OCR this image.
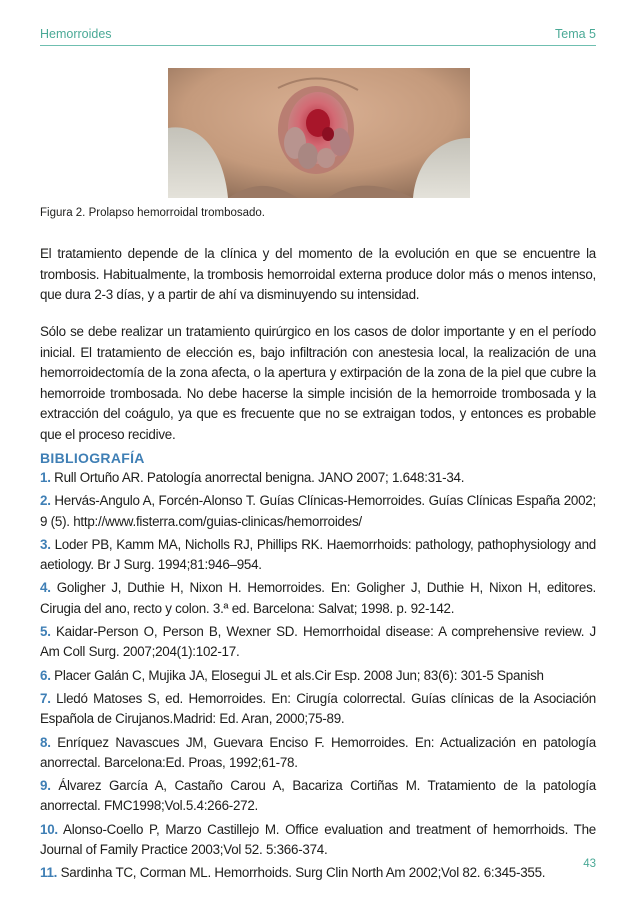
Hemorroides	Tema 5
Figura 2. Prolapso hemorroidal trombosado.

El tratamiento depende de la clínica y del momento de la evolución en que se encuentre la trombosis. Habitualmente, la trombosis hemorroidal externa produce dolor más o menos intenso, que dura 2-3 días, y a partir de ahí va disminuyendo su intensidad.

Sólo se debe realizar un tratamiento quirúrgico en los casos de dolor importante y en el período inicial. El tratamiento de elección es, bajo infiltración con anestesia local, la realización de una hemorroidectomía de la zona afecta, o la apertura y extirpación de la zona de la piel que cubre la hemorroide trombosada. No debe hacerse la simple incisión de la hemorroide trombosada y la extracción del coágulo, ya que es frecuente que no se extraigan todos, y entonces es probable que el proceso recidive.

BIBLIOGRAFÍA

1. Rull Ortuño AR. Patología anorrectal benigna. JANO 2007; 1.648:31-34.

2. Hervás-Angulo A, Forcén-Alonso T. Guías Clínicas-Hemorroides. Guías Clínicas España 2002; 9 (5). http://www.fisterra.com/guias-clinicas/hemorroides/

3. Loder PB, Kamm MA, Nicholls RJ, Phillips RK. Haemorrhoids: pathology, pathophysiology and aetiology. Br J Surg. 1994;81:946–954.

4. Goligher J, Duthie H, Nixon H. Hemorroides. En: Goligher J, Duthie H, Nixon H, editores. Cirugia del ano, recto y colon. 3.ª ed. Barcelona: Salvat; 1998. p. 92-142.

5. Kaidar-Person O, Person B, Wexner SD. Hemorrhoidal disease: A comprehensive review. J Am Coll Surg. 2007;204(1):102-17.

6. Placer Galán C, Mujika JA, Elosegui JL et als.Cir Esp. 2008 Jun; 83(6): 301-5 Spanish

7. Lledó Matoses S, ed. Hemorroides. En: Cirugía colorrectal. Guías clínicas de la Asociación Española de Cirujanos.Madrid: Ed. Aran, 2000;75-89.

8. Enríquez Navascues JM, Guevara Enciso F. Hemorroides. En: Actualización en patología anorrectal. Barcelona:Ed. Proas, 1992;61-78.

9. Álvarez García A, Castaño Carou A, Bacariza Cortiñas M. Tratamiento de la patología anorrectal. FMC1998;Vol.5.4:266-272.

10. Alonso-Coello P, Marzo Castillejo M. Office evaluation and treatment of hemorrhoids. The Journal of Family Practice 2003;Vol 52. 5:366-374.

11. Sardinha TC, Corman ML. Hemorrhoids. Surg Clin North Am 2002;Vol 82. 6:345-355.

43
